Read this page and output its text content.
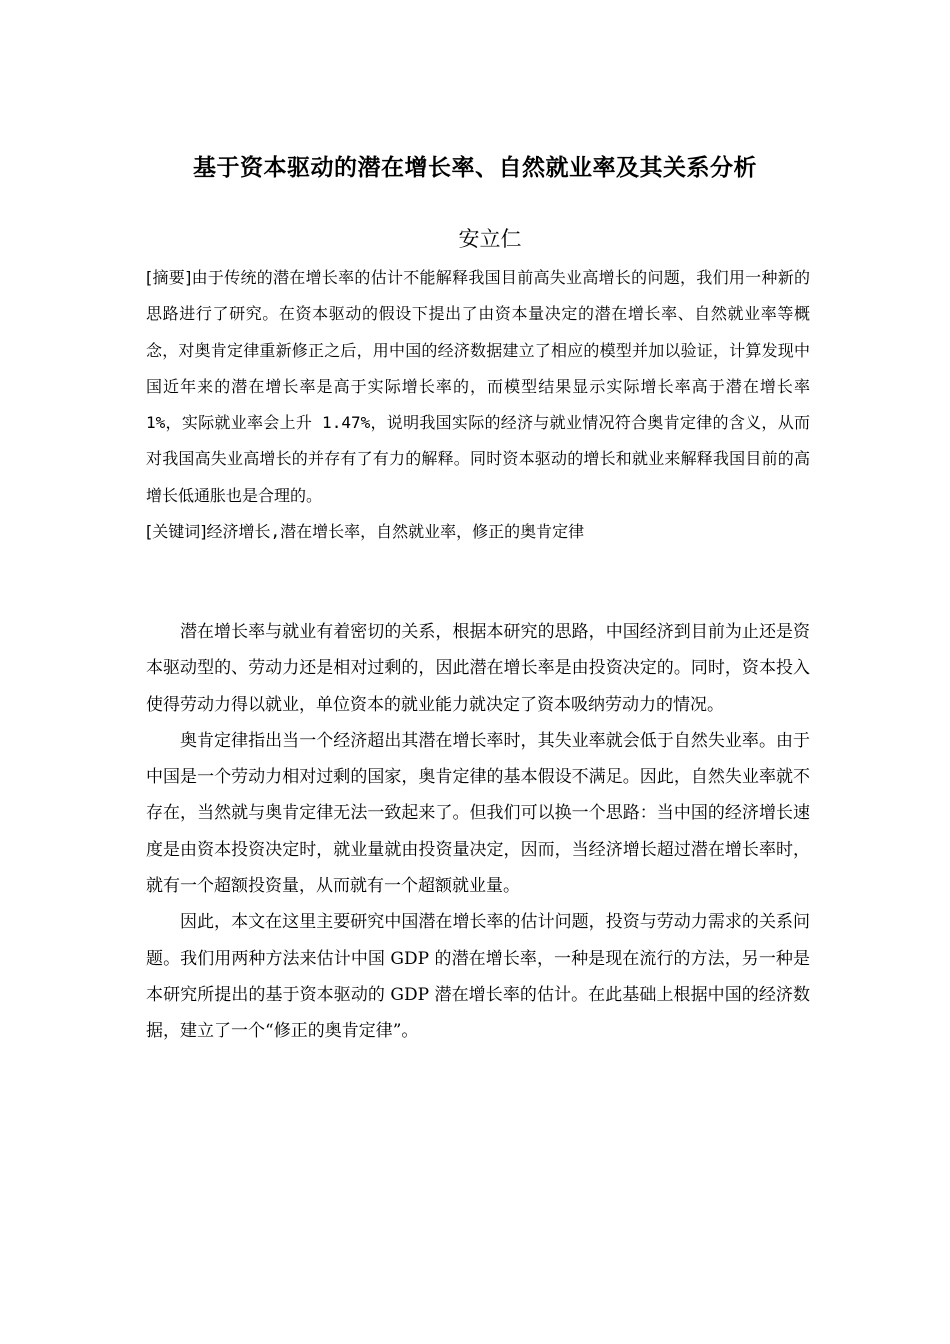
基于资本驱动的潜在增长率、自然就业率及其关系分析
安立仁

[摘要]由于传统的潜在增长率的估计不能解释我国目前高失业高增长的问题，我们用一种新的思路进行了研究。在资本驱动的假设下提出了由资本量决定的潜在增长率、自然就业率等概念，对奥肯定律重新修正之后，用中国的经济数据建立了相应的模型并加以验证，计算发现中国近年来的潜在增长率是高于实际增长率的，而模型结果显示实际增长率高于潜在增长率 1%，实际就业率会上升 1.47%，说明我国实际的经济与就业情况符合奥肯定律的含义，从而对我国高失业高增长的并存有了有力的解释。同时资本驱动的增长和就业来解释我国目前的高增长低通胀也是合理的。

[关键词]经济增长,潜在增长率，自然就业率，修正的奥肯定律

潜在增长率与就业有着密切的关系，根据本研究的思路，中国经济到目前为止还是资本驱动型的、劳动力还是相对过剩的，因此潜在增长率是由投资决定的。同时，资本投入使得劳动力得以就业，单位资本的就业能力就决定了资本吸纳劳动力的情况。

奥肯定律指出当一个经济超出其潜在增长率时，其失业率就会低于自然失业率。由于中国是一个劳动力相对过剩的国家，奥肯定律的基本假设不满足。因此，自然失业率就不存在，当然就与奥肯定律无法一致起来了。但我们可以换一个思路：当中国的经济增长速度是由资本投资决定时，就业量就由投资量决定，因而，当经济增长超过潜在增长率时，就有一个超额投资量，从而就有一个超额就业量。

因此，本文在这里主要研究中国潜在增长率的估计问题，投资与劳动力需求的关系问题。我们用两种方法来估计中国 GDP 的潜在增长率，一种是现在流行的方法，另一种是本研究所提出的基于资本驱动的 GDP 潜在增长率的估计。在此基础上根据中国的经济数据，建立了一个“修正的奥肯定律”。
